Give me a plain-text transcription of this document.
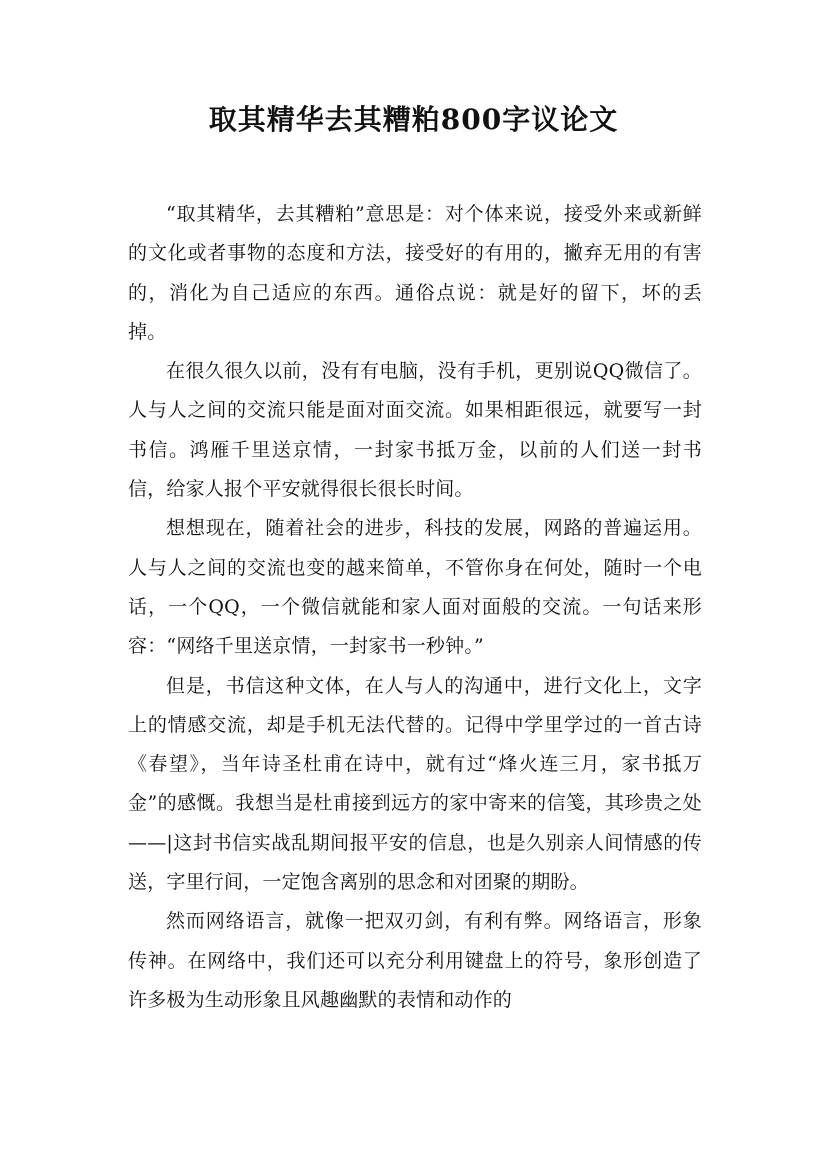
取其精华去其糟粕800字议论文

“取其精华，去其糟粕”意思是：对个体来说，接受外来或新鲜的文化或者事物的态度和方法，接受好的有用的，撇弃无用的有害的，消化为自己适应的东西。通俗点说：就是好的留下，坏的丢掉。

在很久很久以前，没有有电脑，没有手机，更别说QQ微信了。人与人之间的交流只能是面对面交流。如果相距很远，就要写一封书信。鸿雁千里送京情，一封家书抵万金，以前的人们送一封书信，给家人报个平安就得很长很长时间。

想想现在，随着社会的进步，科技的发展，网路的普遍运用。人与人之间的交流也变的越来简单，不管你身在何处，随时一个电话，一个QQ，一个微信就能和家人面对面般的交流。一句话来形容：“网络千里送京情，一封家书一秒钟。”

但是，书信这种文体，在人与人的沟通中，进行文化上，文字上的情感交流，却是手机无法代替的。记得中学里学过的一首古诗《春望》，当年诗圣杜甫在诗中，就有过“烽火连三月，家书抵万金”的感慨。我想当是杜甫接到远方的家中寄来的信笺，其珍贵之处——|这封书信实战乱期间报平安的信息，也是久别亲人间情感的传送，字里行间，一定饱含离别的思念和对团聚的期盼。

然而网络语言，就像一把双刃剑，有利有弊。网络语言，形象传神。在网络中，我们还可以充分利用键盘上的符号，象形创造了许多极为生动形象且风趣幽默的表情和动作的
